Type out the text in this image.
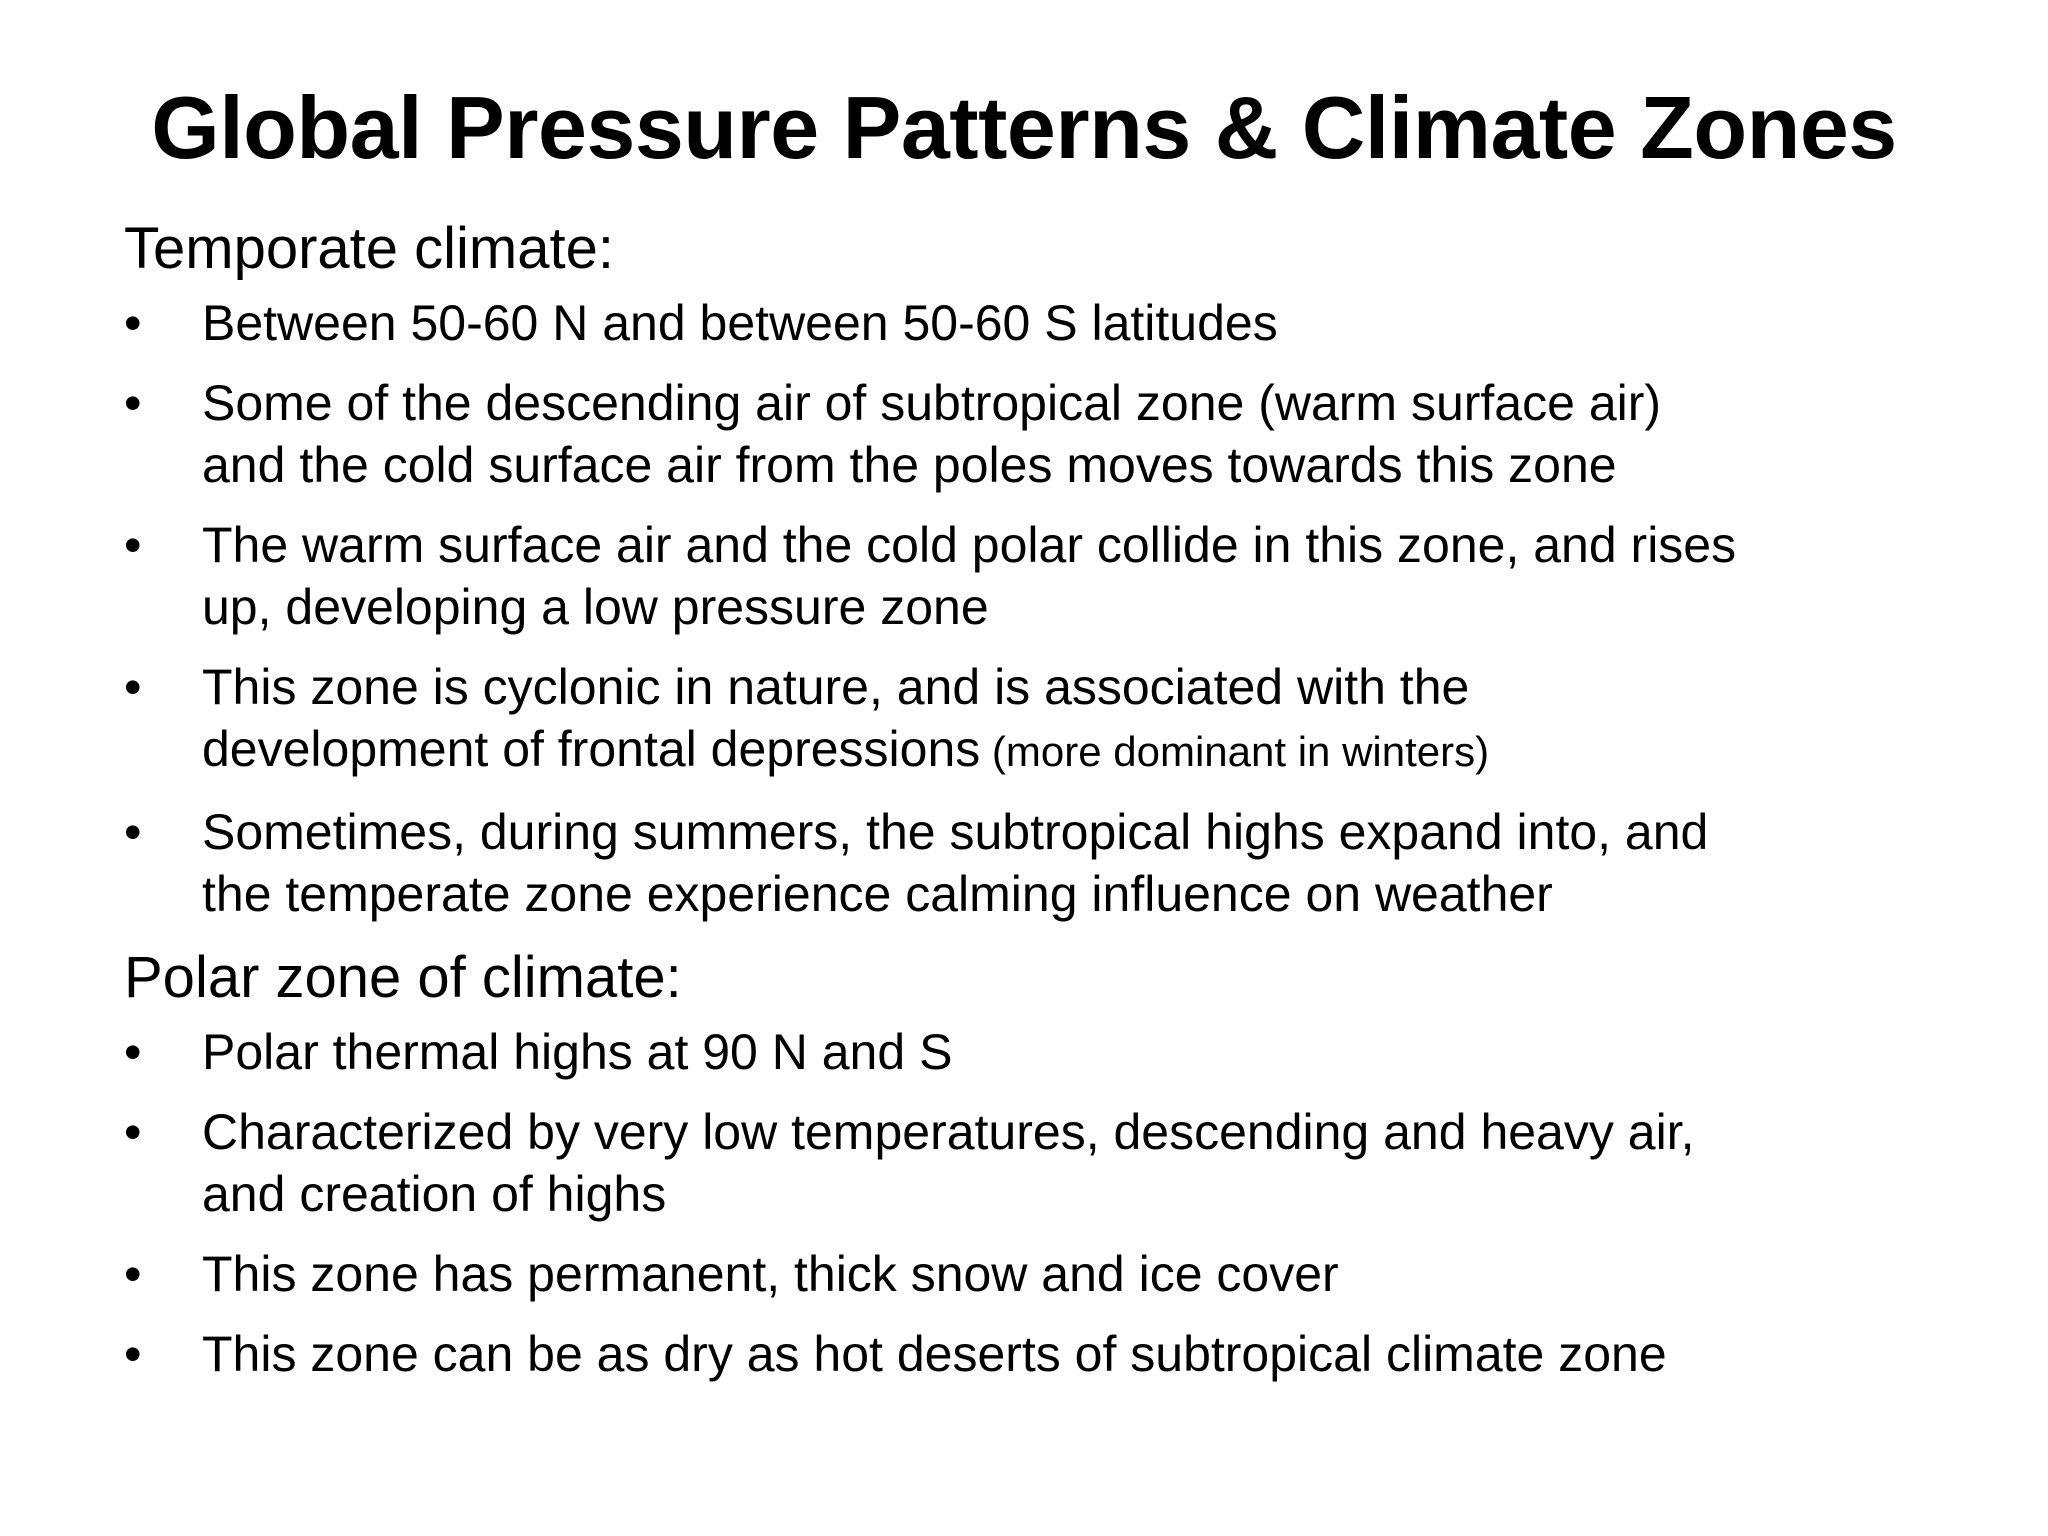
Global Pressure Patterns & Climate Zones
Temporate climate:
• Between 50-60 N and between 50-60 S latitudes
• Some of the descending air of subtropical zone (warm surface air)
and the cold surface air from the poles moves towards this zone
• The warm surface air and the cold polar collide in this zone, and rises
up, developing a low pressure zone
• This zone is cyclonic in nature, and is associated with the
development of frontal depressions (more dominant in winters)
• Sometimes, during summers, the subtropical highs expand into, and
the temperate zone experience calming influence on weather
Polar zone of climate:
• Polar thermal highs at 90 N and S
• Characterized by very low temperatures, descending and heavy air,
and creation of highs
• This zone has permanent, thick snow and ice cover
• This zone can be as dry as hot deserts of subtropical climate zone
